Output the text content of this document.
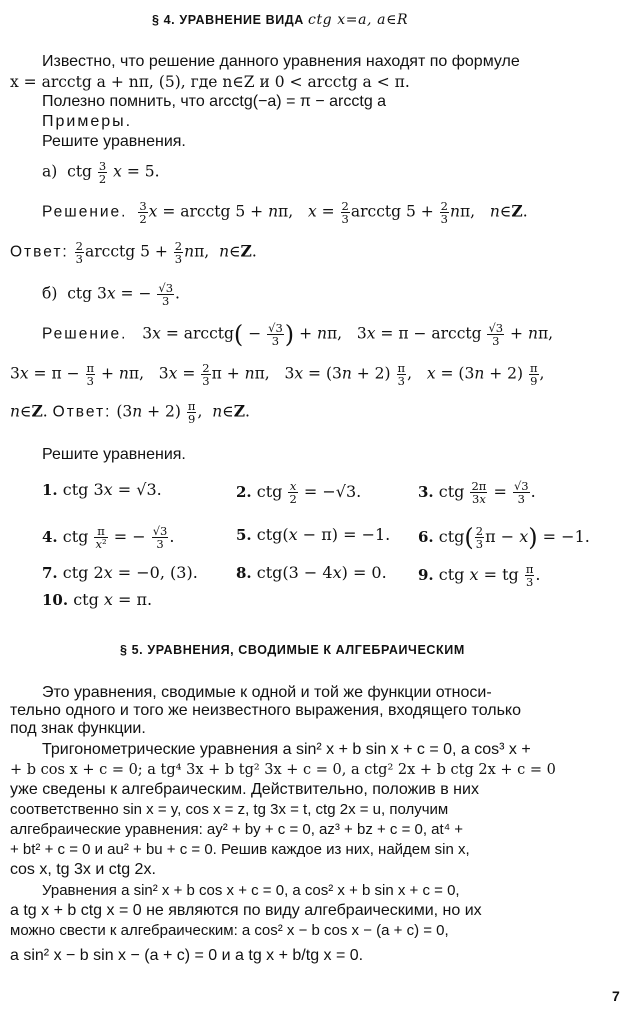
§ 4. УРАВНЕНИЕ ВИДА ctg x=a, a∈R
Известно, что решение данного уравнения находят по формуле
x = arcctg a + nπ, (5), где n∈Z и 0 < arcctg a < π.
Полезно помнить, что arcctg(−a) = π − arcctg a
Примеры.
Решите уравнения.
а)  ctg $\frac{3}{2}$ x = 5.
Решение. $\frac{3}{2}$ x = arcctg 5 + nπ,   $x = \frac{2}{3}$ arcctg $5 + \frac{2}{3} n\pi$,   n∈Z.
Ответ: $\frac{2}{3}$ arcctg $5 + \frac{2}{3} n\pi$,  n∈Z.
б)  ctg 3x = − $\frac{√3}{3}$ .
Решение.   3x = arcctg( − $\frac{√3}{3}$ ) + nπ,   3x = π − arcctg $\frac{√3}{3} + n\pi$,
$3x = \pi - \frac{\pi}{3} + n\pi$,   $3x = \frac{2}{3}$ π + nπ,   $3x = (3n + 2) \frac{\pi}{3}$ ,   $x = (3n + 2) \frac{\pi}{9}$ ,
n∈Z. Ответ: $(3n + 2) \frac{\pi}{9}$ ,  n∈Z.
Решите уравнения.
1. ctg 3x = √3.	2. ctg $\frac{x}{2} = -√3$.	3. ctg $\frac{2\pi}{3x} = \frac{√3}{3}$ .
4. ctg $\frac{\pi}{\text{x²}}$ = − $\frac{√3}{3}$ .	5. ctg(x − π) = −1. 6. $ctg( \frac{2}{3}$ π − x) = −1.
7. ctg 2x = −0, (3).	8. ctg(3 − 4x) = 0. 9. ctg x = tg $\frac{\pi}{3}$ .
10. ctg x = π.
§ 5. УРАВНЕНИЯ, СВОДИМЫЕ К АЛГЕБРАИЧЕСКИМ
Это уравнения, сводимые к одной и той же функции относи-
тельно одного и того же неизвестного выражения, входящего только
под знак функции.
Тригонометрические уравнения a sin² x + b sin x + c = 0, a cos³ x +
+ b cos x + c = 0; a tg⁴ 3x + b tg² 3x + c = 0, a ctg² 2x + b ctg 2x + c = 0
уже сведены к алгебраическим. Действительно, положив в них
соответственно sin x = y, cos x = z, tg 3x = t, ctg 2x = u, получим
алгебраические уравнения: ay² + by + c = 0, az³ + bz + c = 0, at⁴ +
+ bt² + c = 0 и au² + bu + c = 0. Решив каждое из них, найдем sin x,
cos x, tg 3x и ctg 2x.
Уравнения a sin² x + b cos x + c = 0, a cos² x + b sin x + c = 0,
a tg x + b ctg x = 0 не являются по виду алгебраическими, но их
можно свести к алгебраическим: a cos² x − b cos x − (a + c) = 0,
a sin² x − b sin x − (a + c) = 0 и a tg x + b/tg x = 0.
7
